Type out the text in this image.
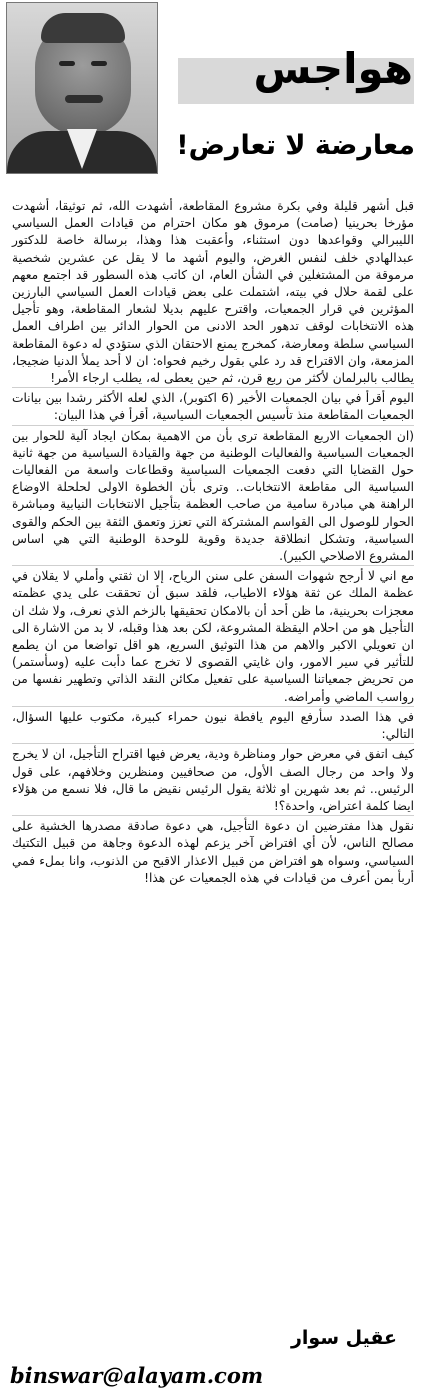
هواجس
معارضة لا تعارض!

قبل أشهر قليلة وفي بكرة مشروع المقاطعة، أشهدت الله، ثم توثيقا، أشهدت مؤرخا بحرينيا (صامت) مرموق هو مكان احترام من قيادات العمل السياسي الليبرالي وقواعدها دون استثناء، وأعقبت هذا وهذا، برسالة خاصة للدكتور عبدالهادي خلف لنفس الغرض، واليوم أشهد ما لا يقل عن عشرين شخصية مرموقة من المشتغلين في الشأن العام، ان كاتب هذه السطور قد اجتمع معهم على لقمة حلال في بيته، اشتملت على بعض قيادات العمل السياسي البارزين المؤثرين في قرار الجمعيات، واقترح عليهم بديلا لشعار المقاطعة، وهو تأجيل هذه الانتخابات لوقف تدهور الحد الادنى من الحوار الدائر بين اطراف العمل السياسي سلطة ومعارضة، كمخرج يمنع الاحتقان الذي ستؤدي له دعوة المقاطعة المزمعة، وان الاقتراح قد رد علي بقول رخيم فحواه: ان لا أحد يملأ الدنيا ضجيجا، يطالب بالبرلمان لأكثر من ربع قرن، ثم حين يعطى له، يطلب ارجاء الأمر!

اليوم أقرأ في بيان الجمعيات الأخير (6 اكتوبر)، الذي لعله الأكثر رشدا بين بيانات الجمعيات المقاطعة منذ تأسيس الجمعيات السياسية، أقرأ في هذا البيان:

(ان الجمعيات الاربع المقاطعة ترى بأن من الاهمية بمكان ايجاد آلية للحوار بين الجمعيات السياسية والفعاليات الوطنية من جهة والقيادة السياسية من جهة ثانية حول القضايا التي دفعت الجمعيات السياسية وقطاعات واسعة من الفعاليات السياسية الى مقاطعة الانتخابات.. وترى بأن الخطوة الاولى لحلحلة الاوضاع الراهنة هي مبادرة سامية من صاحب العظمة بتأجيل الانتخابات النيابية ومباشرة الحوار للوصول الى القواسم المشتركة التي تعزز وتعمق الثقة بين الحكم والقوى السياسية، وتشكل انطلاقة جديدة وقوية للوحدة الوطنية التي هي اساس المشروع الاصلاحي الكبير).

مع اني لا أرجح شهوات السفن على سنن الرياح، إلا ان ثقتي وأملي لا يقلان في عظمة الملك عن ثقة هؤلاء الاطياب، فلقد سبق أن تحققت على يدي عظمته معجزات بحرينية، ما ظن أحد أن بالامكان تحقيقها بالزخم الذي نعرف، ولا شك ان التأجيل هو من احلام اليقظة المشروعة، لكن بعد هذا وقبله، لا بد من الاشارة الى ان تعويلي الاكبر والاهم من هذا التوثيق السريع، هو اقل تواضعا من ان يطمع للتأثير في سير الامور، وان غايتي القصوى لا تخرج عما دأبت عليه (وسأستمر) من تحريض جمعياتنا السياسية على تفعيل مكائن النقد الذاتي وتطهير نفسها من رواسب الماضي وأمراضه.

في هذا الصدد سأرفع اليوم يافطة نيون حمراء كبيرة، مكتوب عليها السؤال، التالي:

كيف اتفق في معرض حوار ومناظرة ودية، يعرض فيها اقتراح التأجيل، ان لا يخرج ولا واحد من رجال الصف الأول، من صحافيين ومنظرين وخلافهم، على قول الرئيس.. ثم بعد شهرين او ثلاثة يقول الرئيس نقيض ما قال، فلا نسمع من هؤلاء ايضا كلمة اعتراض، واحدة؟!

نقول هذا مفترضين ان دعوة التأجيل، هي دعوة صادقة مصدرها الخشية على مصالح الناس، لأن أي افتراض آخر يزعم لهذه الدعوة وجاهة من قبيل التكتيك السياسي، وسواه هو افتراض من قبيل الاعذار الاقبح من الذنوب، وانا بملء فمي أربأ بمن أعرف من قيادات في هذه الجمعيات عن هذا!

عقيل سوار
binswar@alayam.com
